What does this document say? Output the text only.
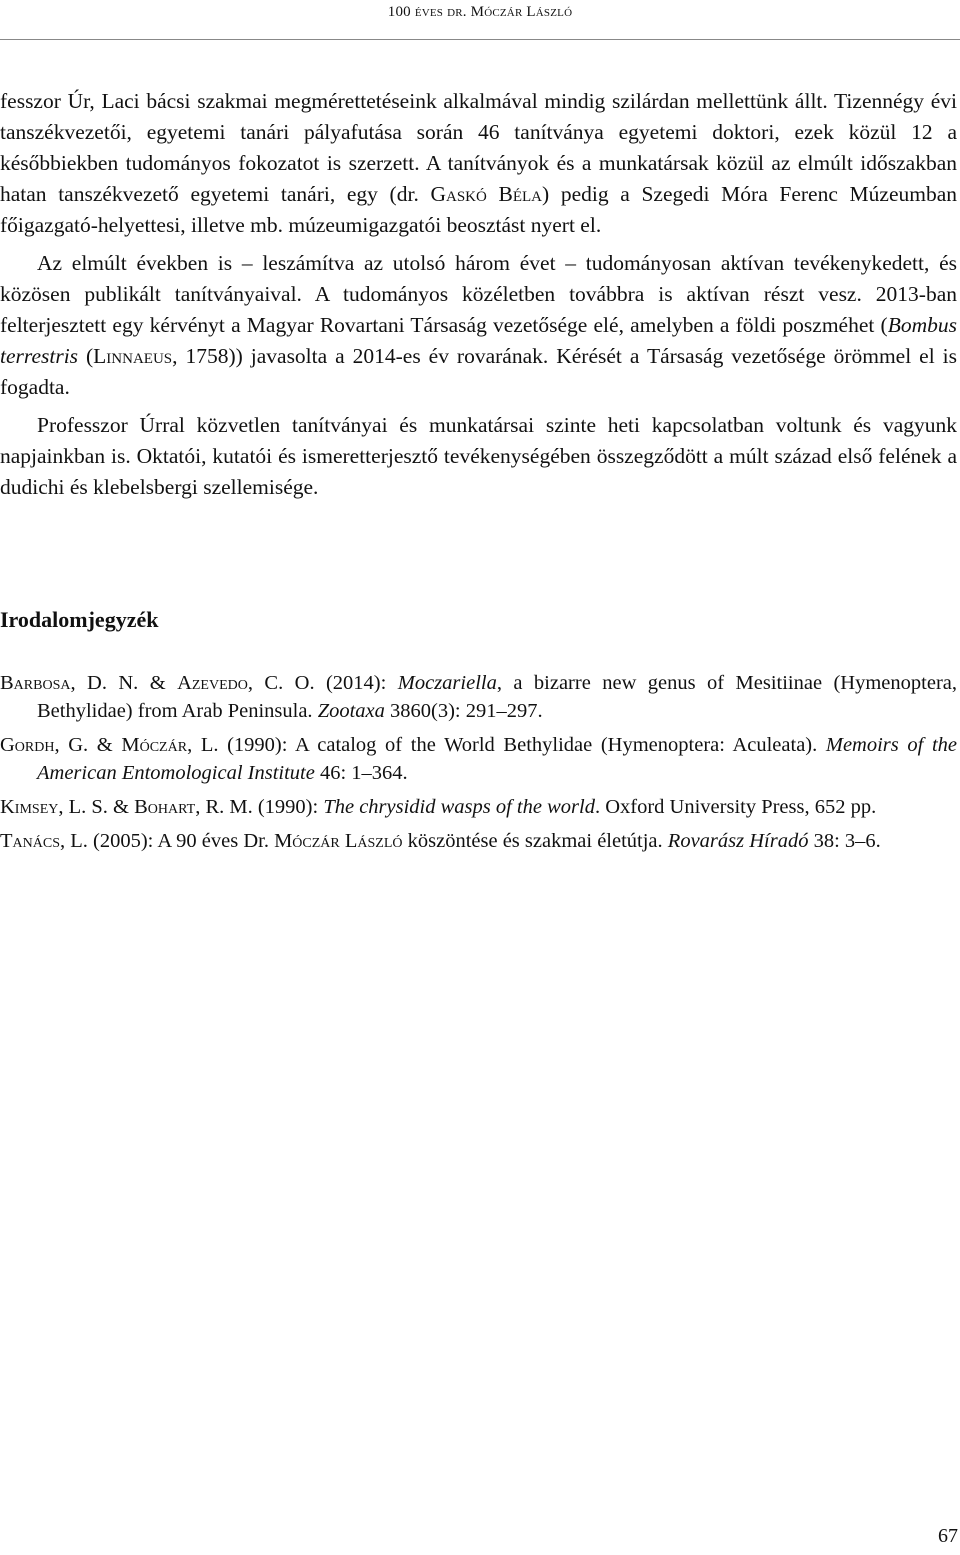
100 éves dr. Móczár László

fesszor Úr, Laci bácsi szakmai megmérettetéseink alkalmával mindig szilárdan mellettünk állt. Tizennégy évi tanszékvezetői, egyetemi tanári pályafutása során 46 tanítványa egyetemi doktori, ezek közül 12 a későbbiekben tudományos fokozatot is szerzett. A tanítványok és a munkatársak közül az elmúlt időszakban hatan tanszékvezető egyetemi tanári, egy (dr. Gaskó Béla) pedig a Szegedi Móra Ferenc Múzeumban főigazgató-helyettesi, illetve mb. múzeumigazgatói beosztást nyert el.

Az elmúlt években is – leszámítva az utolsó három évet – tudományosan aktívan tevékenykedett, és közösen publikált tanítványaival. A tudományos közéletben továbbra is aktívan részt vesz. 2013-ban felterjesztett egy kérvényt a Magyar Rovartani Társaság vezetősége elé, amelyben a földi poszméhet (Bombus terrestris (Linnaeus, 1758)) javasolta a 2014-es év rovarának. Kérését a Társaság vezetősége örömmel el is fogadta.

Professzor Úrral közvetlen tanítványai és munkatársai szinte heti kapcsolatban voltunk és vagyunk napjainkban is. Oktatói, kutatói és ismeretterjesztő tevékenységében összegződött a múlt század első felének a dudichi és klebelsbergi szellemisége.

Irodalomjegyzék
Barbosa, D. N. & Azevedo, C. O. (2014): Moczariella, a bizarre new genus of Mesitiinae (Hymenoptera, Bethylidae) from Arab Peninsula. Zootaxa 3860(3): 291–297.
Gordh, G. & Móczár, L. (1990): A catalog of the World Bethylidae (Hymenoptera: Aculeata). Memoirs of the American Entomological Institute 46: 1–364.
Kimsey, L. S. & Bohart, R. M. (1990): The chrysidid wasps of the world. Oxford University Press, 652 pp.
Tanács, L. (2005): A 90 éves Dr. Móczár László köszöntése és szakmai életútja. Rovarász Híradó 38: 3–6.
67
